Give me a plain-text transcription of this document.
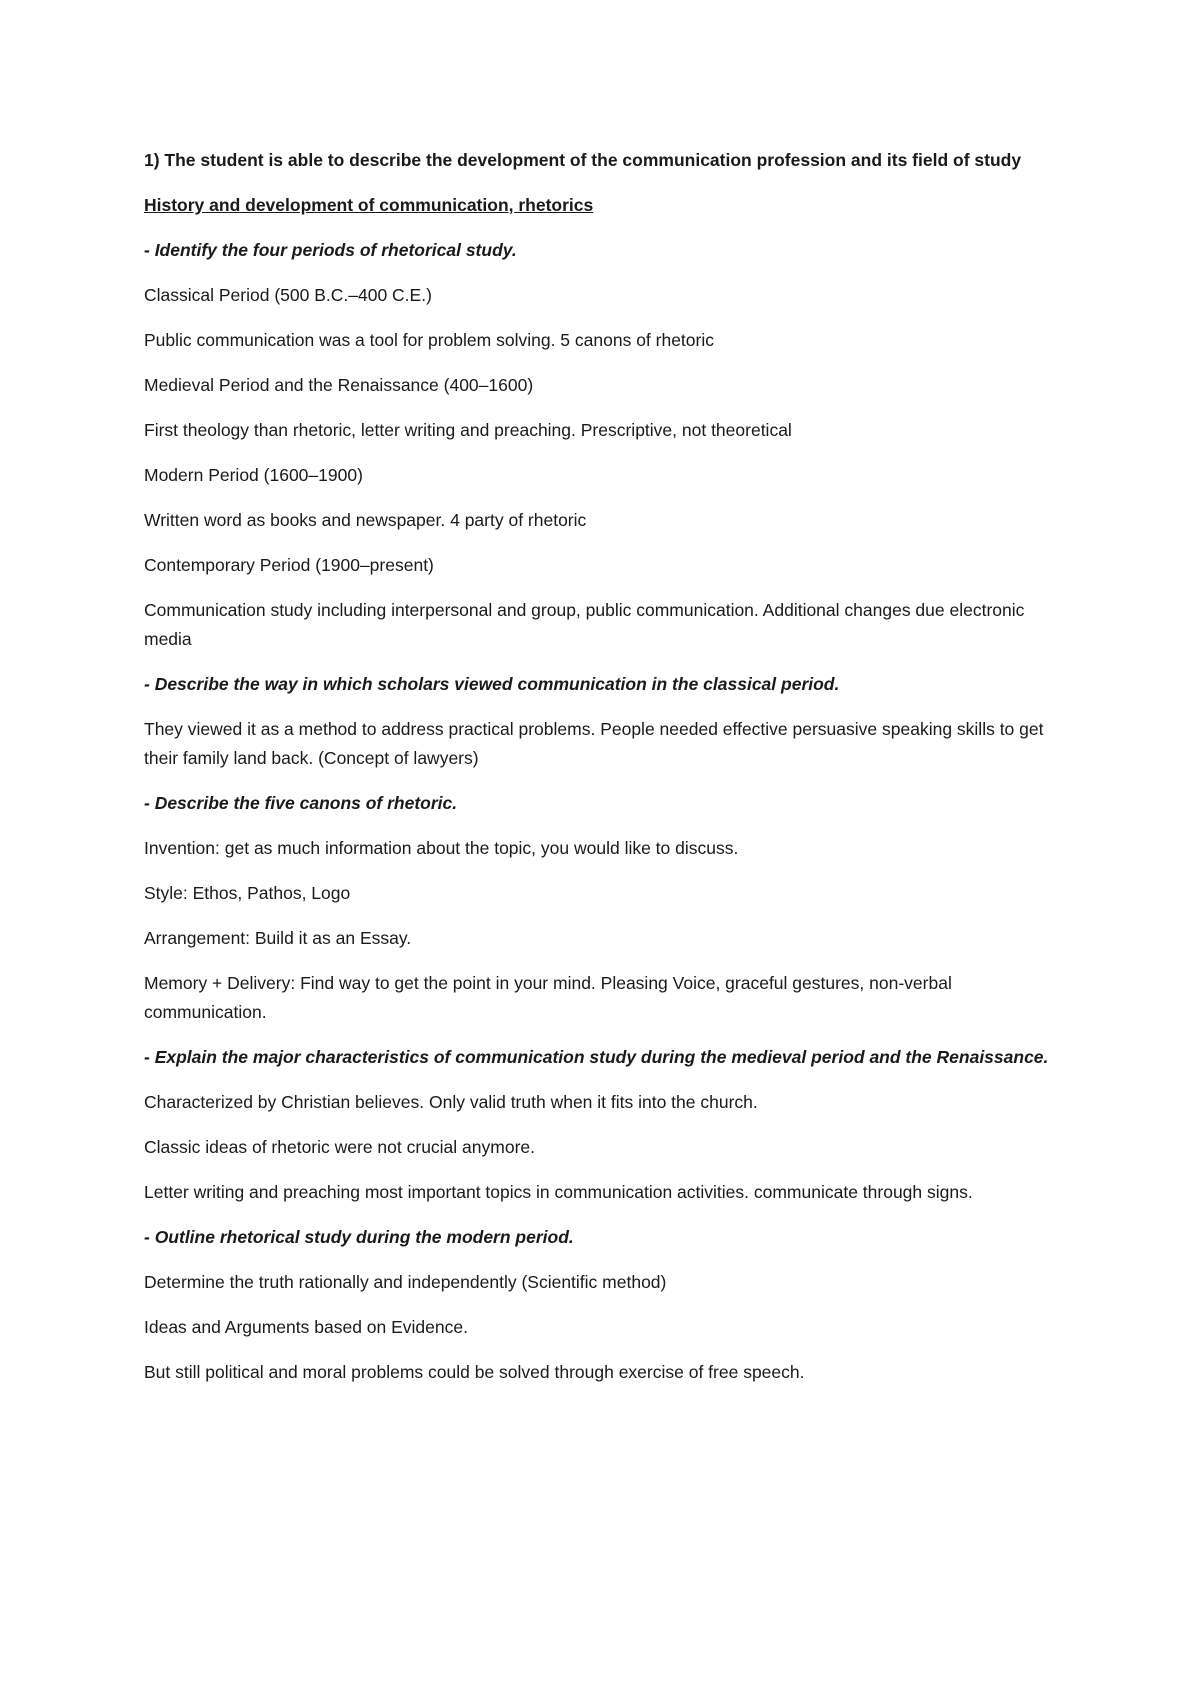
1) The student is able to describe the development of the communication profession and its field of study

History and development of communication, rhetorics

- Identify the four periods of rhetorical study.

Classical Period (500 B.C.–400 C.E.)

Public communication was a tool for problem solving. 5 canons of rhetoric

Medieval Period and the Renaissance (400–1600)

First theology than rhetoric, letter writing and preaching. Prescriptive, not theoretical

Modern Period (1600–1900)

Written word as books and newspaper. 4 party of rhetoric

Contemporary Period (1900–present)

Communication study including interpersonal and group, public communication. Additional changes due electronic media

- Describe the way in which scholars viewed communication in the classical period.

They viewed it as a method to address practical problems. People needed effective persuasive speaking skills to get their family land back. (Concept of lawyers)

- Describe the five canons of rhetoric.

Invention: get as much information about the topic, you would like to discuss.

Style: Ethos, Pathos, Logo

Arrangement: Build it as an Essay.

Memory + Delivery: Find way to get the point in your mind. Pleasing Voice, graceful gestures, non-verbal communication.

- Explain the major characteristics of communication study during the medieval period and the Renaissance.

Characterized by Christian believes. Only valid truth when it fits into the church.

Classic ideas of rhetoric were not crucial anymore.

Letter writing and preaching most important topics in communication activities. communicate through signs.

- Outline rhetorical study during the modern period.

Determine the truth rationally and independently (Scientific method)

Ideas and Arguments based on Evidence.

But still political and moral problems could be solved through exercise of free speech.
